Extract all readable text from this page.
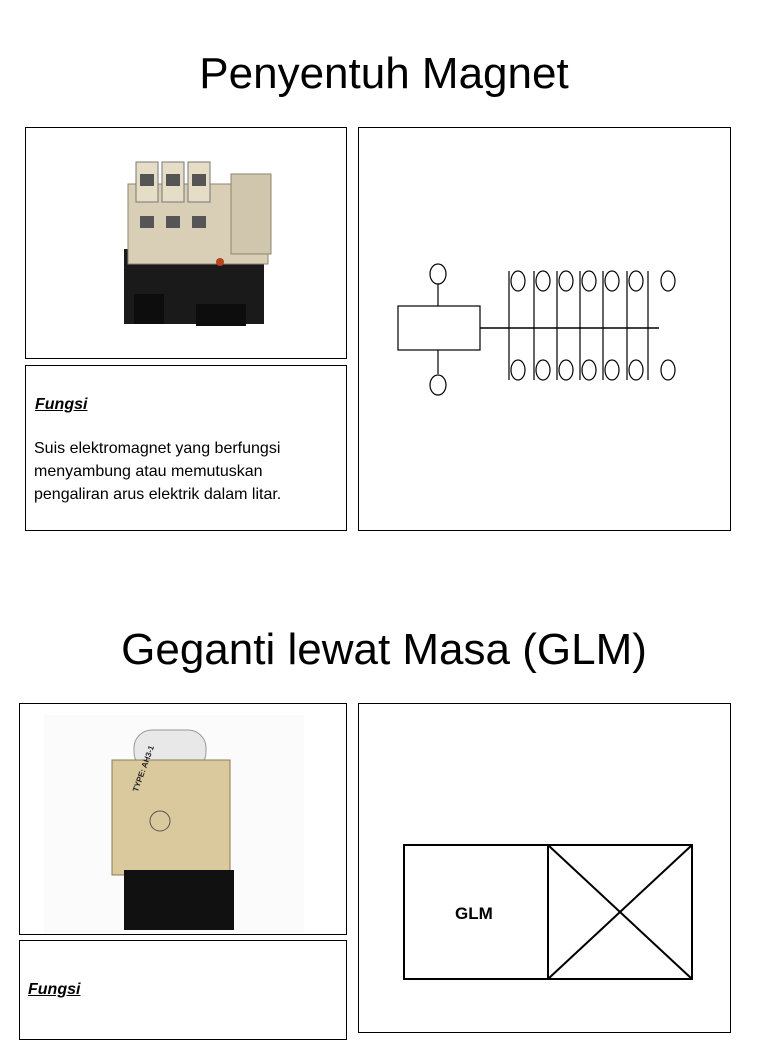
Penyentuh Magnet
Fungsi
Suis elektromagnet yang berfungsi
menyambung atau memutuskan
pengaliran arus elektrik dalam litar.
Geganti lewat Masa (GLM)
TYPE: AH3-1
Fungsi
GLM
